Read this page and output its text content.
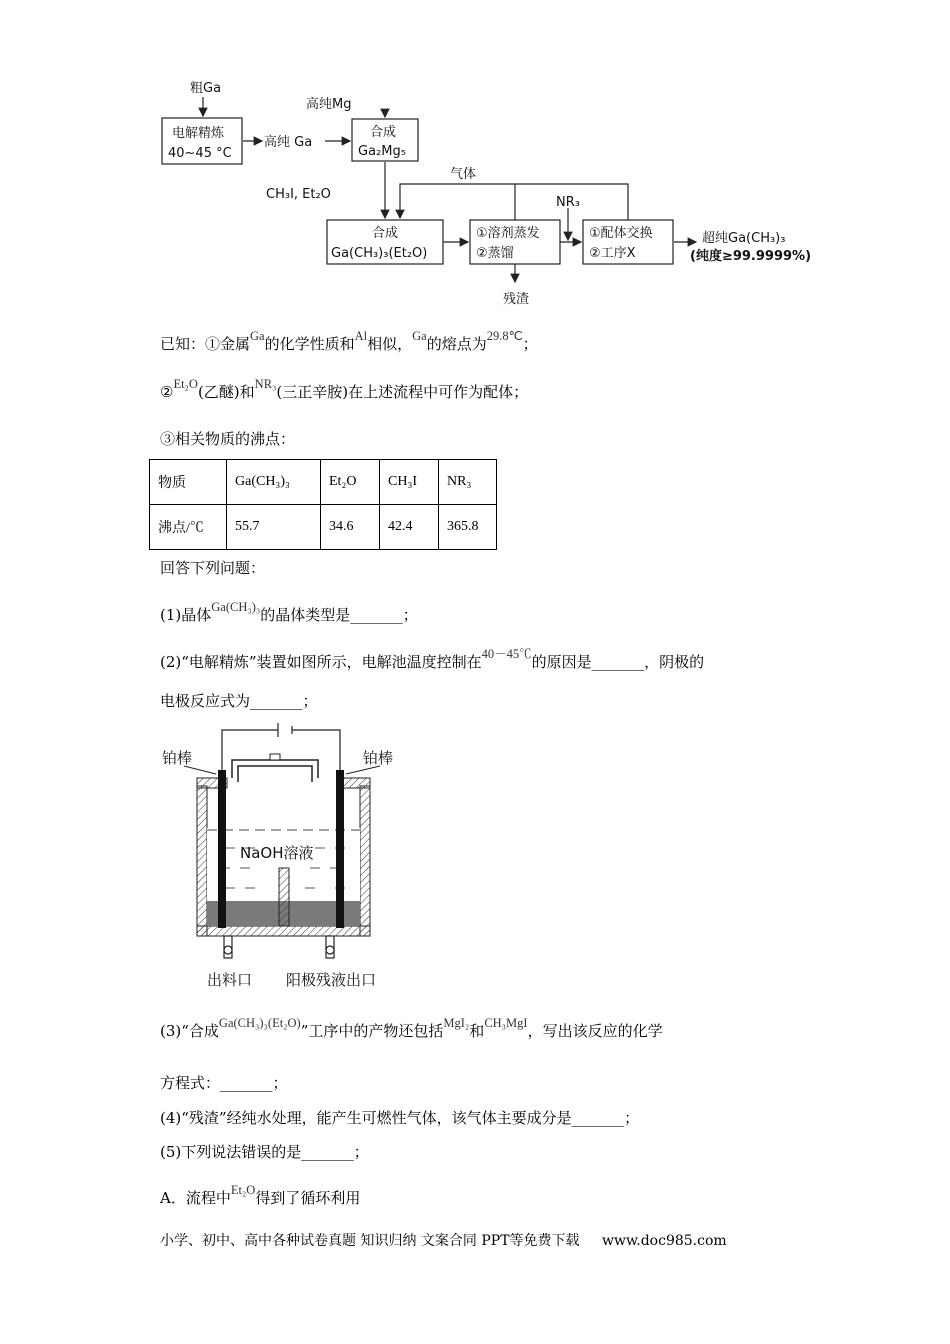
粗Ga
电解精炼
40~45 °C
高纯 Ga
高纯Mg
合成
Ga₂Mg₅
气体
CH₃I, Et₂O
NR₃
合成
Ga(CH₃)₃(Et₂O)
①溶剂蒸发
②蒸馏
①配体交换
②工序X
超纯Ga(CH₃)₃
(纯度≥99.9999%)
残渣
已知：①金属$^{Ga}$的化学性质和$^{Al}$相似，$^{Ga}$的熔点为$^{29.8℃}$；
②$^{Et_2O}$(乙醚)和$^{NR_3}$(三正辛胺)在上述流程中可作为配体；
③相关物质的沸点：
物质	Ga(CH₃)₃	Et₂O	CH₃I	NR₃
沸点/℃	55.7	34.6	42.4	365.8
回答下列问题：
(1)晶体$^{Ga(CH_3)_3}$的晶体类型是_______；
(2)“电解精炼”装置如图所示，电解池温度控制在$^{40-45℃}$的原因是_______，阴极的
电极反应式为_______；
铂棒	铂棒
NaOH溶液
出料口 阳极残液出口
(3)“合成$^{Ga(CH_3)_3(Et_2O)}$”工序中的产物还包括$^{MgI_2}$和$^{CH_3MgI}$，写出该反应的化学
方程式：_______；
(4)“残渣”经纯水处理，能产生可燃性气体，该气体主要成分是_______；
(5)下列说法错误的是_______；
A．流程中$^{Et_2O}$得到了循环利用
小学、初中、高中各种试卷真题 知识归纳 文案合同 PPT等免费下载 www.doc985.com
